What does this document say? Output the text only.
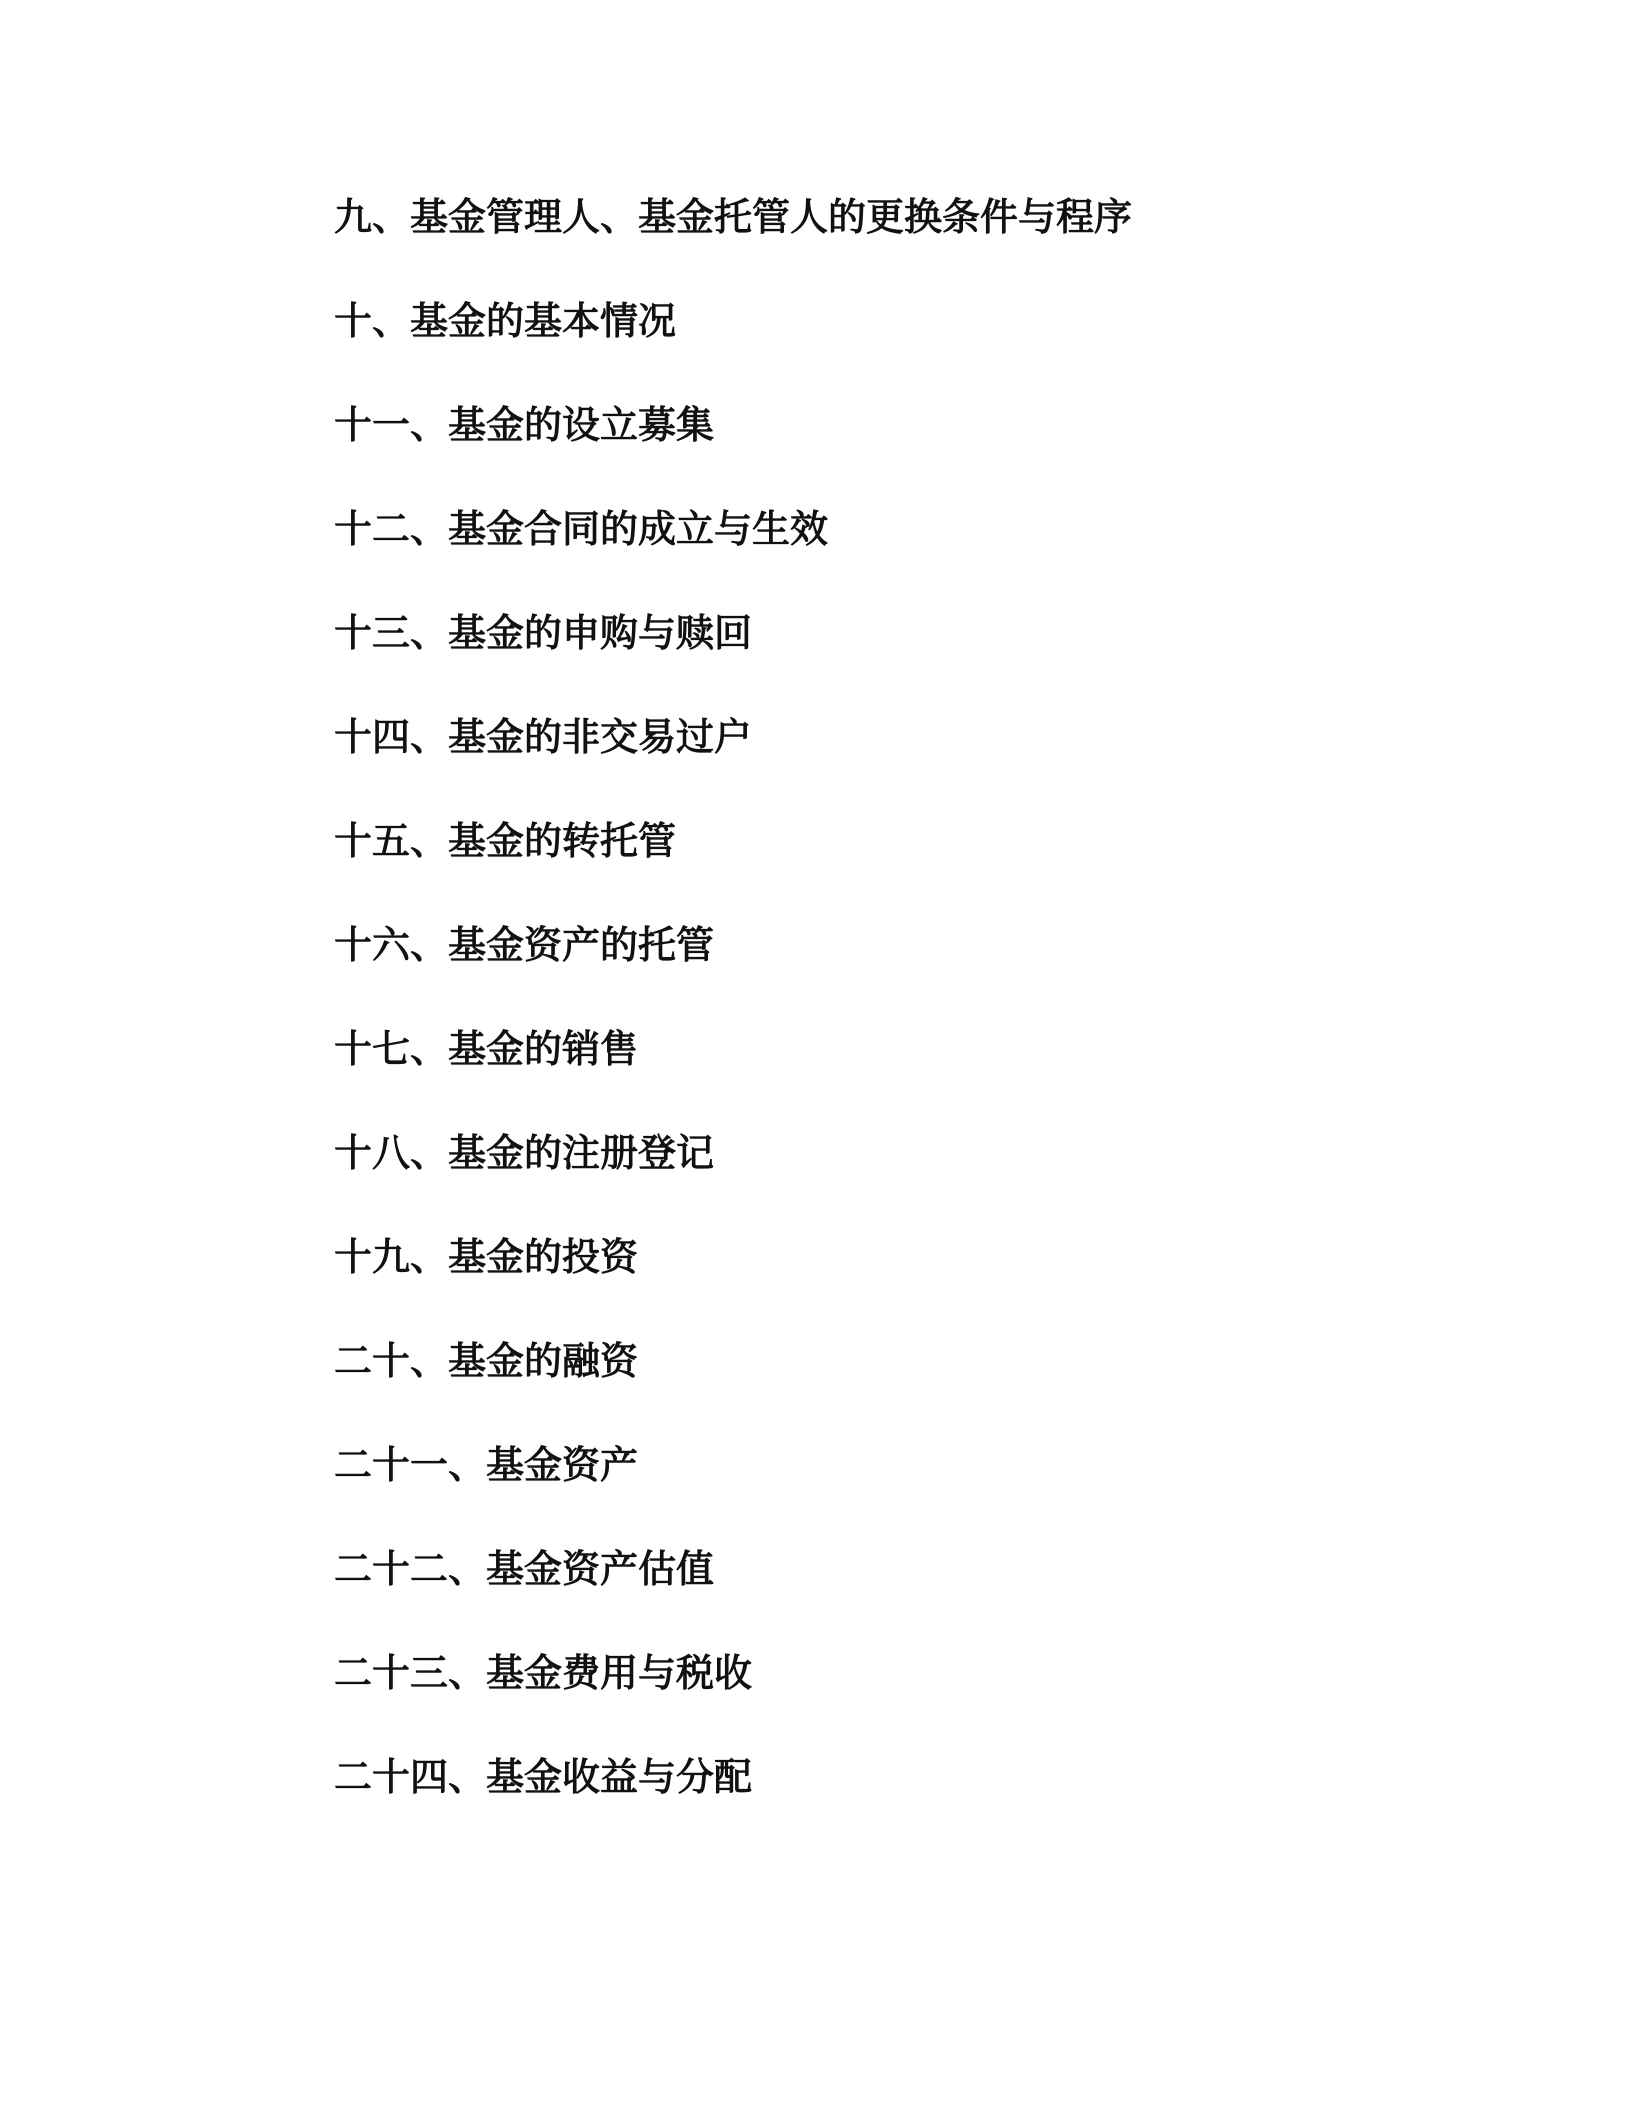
九、基金管理人、基金托管人的更换条件与程序
十、基金的基本情况
十一、基金的设立募集
十二、基金合同的成立与生效
十三、基金的申购与赎回
十四、基金的非交易过户
十五、基金的转托管
十六、基金资产的托管
十七、基金的销售
十八、基金的注册登记
十九、基金的投资
二十、基金的融资
二十一、基金资产
二十二、基金资产估值
二十三、基金费用与税收
二十四、基金收益与分配
